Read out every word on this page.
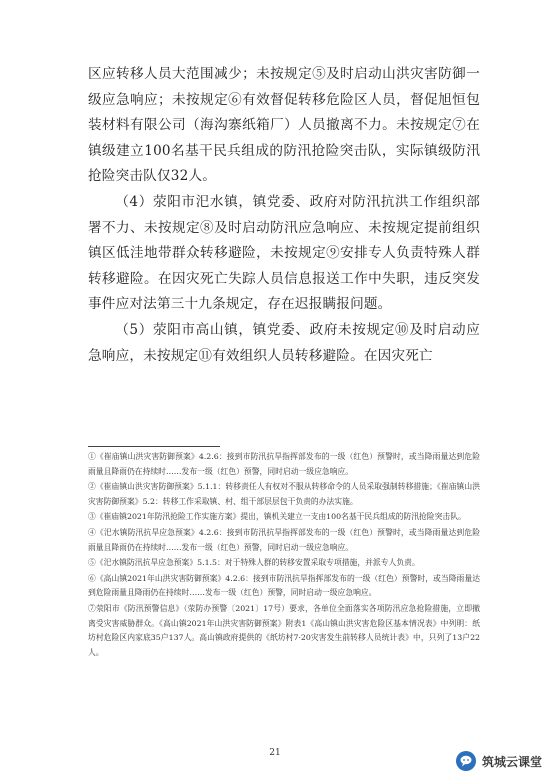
区应转移人员大范围减少；未按规定⑤及时启动山洪灾害防御一级应急响应；未按规定⑥有效督促转移危险区人员，督促旭恒包装材料有限公司（海沟寨纸箱厂）人员撤离不力。未按规定⑦在镇级建立100名基干民兵组成的防汛抢险突击队，实际镇级防汛抢险突击队仅32人。

（4）荥阳市汜水镇，镇党委、政府对防汛抗洪工作组织部署不力、未按规定⑧及时启动防汛应急响应、未按规定提前组织镇区低洼地带群众转移避险，未按规定⑨安排专人负责特殊人群转移避险。在因灾死亡失踪人员信息报送工作中失职，违反突发事件应对法第三十九条规定，存在迟报瞒报问题。

（5）荥阳市高山镇，镇党委、政府未按规定⑩及时启动应急响应，未按规定⑪有效组织人员转移避险。在因灾死亡

①《崔庙镇山洪灾害防御预案》4.2.6：接到市防汛抗旱指挥部发布的一级（红色）预警时，或当降雨量达到危险雨量且降雨仍在持续时……发布一级（红色）预警，同时启动一级应急响应。

②《崔庙镇山洪灾害防御预案》5.1.1：转移责任人有权对不服从转移命令的人员采取强制转移措施；《崔庙镇山洪灾害防御预案》5.2：转移工作采取镇、村、组干部层层包干负责的办法实施。

③《崔庙镇2021年防汛抢险工作实施方案》提出，镇机关建立一支由100名基干民兵组成的防汛抢险突击队。

④《汜水镇防汛抗旱应急预案》4.2.6：接到市防汛抗旱指挥部发布的一级（红色）预警时，或当降雨量达到危险雨量且降雨仍在持续时……发布一级（红色）预警，同时启动一级应急响应。

⑤《汜水镇防汛抗旱应急预案》5.1.5：对于特殊人群的转移安置采取专项措施，并派专人负责。

⑥《高山镇2021年山洪灾害防御预案》4.2.6：接到市防汛抗旱指挥部发布的一级（红色）预警时，或当降雨量达到危险雨量且降雨仍在持续时……发布一级（红色）预警，同时启动一级应急响应。

⑦荥阳市《防汛预警信息》（荥防办预警〔2021〕17号）要求，各单位全面落实各项防汛应急抢险措施，立即撤离受灾害威胁群众。《高山镇2021年山洪灾害防御预案》附表1《高山镇山洪灾害危险区基本情况表》中列明：纸坊村危险区内家底35户137人。高山镇政府提供的《纸坊村7·20灾害发生前转移人员统计表》中，只列了13户22人。

21
筑城云课堂
